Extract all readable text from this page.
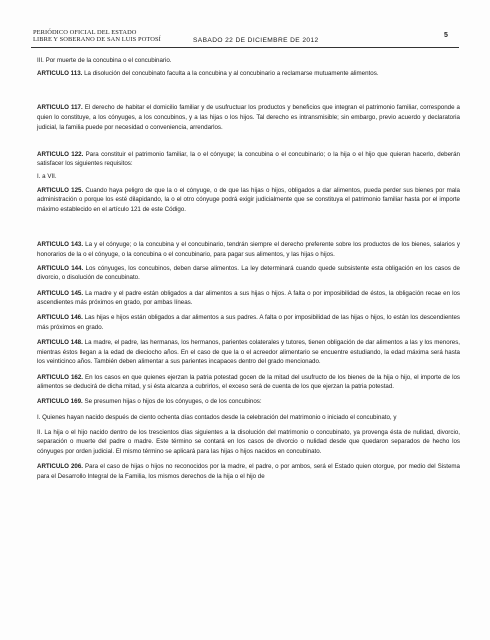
PERIÓDICO OFICIAL DEL ESTADO
LIBRE Y SOBERANO DE SAN LUIS POTOSÍ	SABADO 22 DE DICIEMBRE DE 2012
5

III. Por muerte de la concubina o el concubinario.

ARTICULO 113. La disolución del concubinato faculta a la concubina y al concubinario a reclamarse mutuamente alimentos.

ARTICULO 117. El derecho de habitar el domicilio familiar y de usufructuar los productos y beneficios que integran el patrimonio familiar, corresponde a quien lo constituye, a los cónyuges, a los concubinos, y a las hijas o los hijos. Tal derecho es intransmisible; sin embargo, previo acuerdo y declaratoria judicial, la familia puede por necesidad o conveniencia, arrendarlos.

ARTICULO 122. Para constituir el patrimonio familiar, la o el cónyuge; la concubina o el concubinario; o la hija o el hijo que quieran hacerlo, deberán satisfacer los siguientes requisitos:

I. a VII.

ARTICULO 125. Cuando haya peligro de que la o el cónyuge, o de que las hijas o hijos, obligados a dar alimentos, pueda perder sus bienes por mala administración o porque los esté dilapidando, la o el otro cónyuge podrá exigir judicialmente que se constituya el patrimonio familiar hasta por el importe máximo establecido en el artículo 121 de este Código.

ARTICULO 143. La y el cónyuge; o la concubina y el concubinario, tendrán siempre el derecho preferente sobre los productos de los bienes, salarios y honorarios de la o el cónyuge, o la concubina o el concubinario, para pagar sus alimentos, y las hijas o hijos.

ARTICULO 144. Los cónyuges, los concubinos, deben darse alimentos. La ley determinará cuando quede subsistente esta obligación en los casos de divorcio, o disolución de concubinato.

ARTICULO 145. La madre y el padre están obligados a dar alimentos a sus hijas o hijos. A falta o por imposibilidad de éstos, la obligación recae en los ascendientes más próximos en grado, por ambas líneas.

ARTICULO 146. Las hijas e hijos están obligados a dar alimentos a sus padres. A falta o por imposibilidad de las hijas o hijos, lo están los descendientes más próximos en grado.

ARTICULO 148. La madre, el padre, las hermanas, los hermanos, parientes colaterales y tutores, tienen obligación de dar alimentos a las y los menores, mientras éstos llegan a la edad de dieciocho años. En el caso de que la o el acreedor alimentario se encuentre estudiando, la edad máxima será hasta los veinticinco años. También deben alimentar a sus parientes incapaces dentro del grado mencionado.

ARTICULO 162. En los casos en que quienes ejerzan la patria potestad gocen de la mitad del usufructo de los bienes de la hija o hijo, el importe de los alimentos se deducirá de dicha mitad, y si ésta alcanza a cubrirlos, el exceso será de cuenta de los que ejerzan la patria potestad.

ARTICULO 169. Se presumen hijas o hijos de los cónyuges, o de los concubinos:

I. Quienes hayan nacido después de ciento ochenta días contados desde la celebración del matrimonio o iniciado el concubinato, y

II. La hija o el hijo nacido dentro de los trescientos días siguientes a la disolución del matrimonio o concubinato, ya provenga ésta de nulidad, divorcio, separación o muerte del padre o madre. Este término se contará en los casos de divorcio o nulidad desde que quedaron separados de hecho los cónyuges por orden judicial. El mismo término se aplicará para las hijas o hijos nacidos en concubinato.

ARTICULO 206. Para el caso de hijas o hijos no reconocidos por la madre, el padre, o por ambos, será el Estado quien otorgue, por medio del Sistema para el Desarrollo Integral de la Familia, los mismos derechos de la hija o el hijo de
